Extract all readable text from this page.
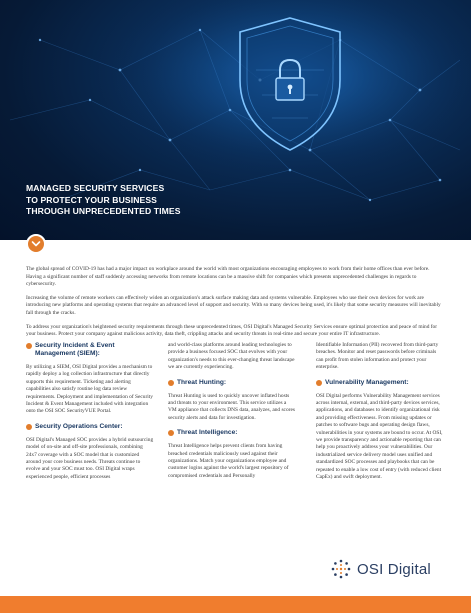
MANAGED SECURITY SERVICES
TO PROTECT YOUR BUSINESS
THROUGH UNPRECEDENTED TIMES

The global spread of COVID-19 has had a major impact on workplace around the world with most organizations encouraging employees to work from their home offices than ever before. Having a significant number of staff suddenly accessing networks from remote locations can be a massive shift for companies which presents unprecedented challenges in regards to cybersecurity.

Increasing the volume of remote workers can effectively widen an organization's attack surface making data and systems vulnerable. Employees who use their own devices for work are introducing new platforms and operating systems that require an advanced level of support and security. With so many devices being used, it's likely that some security measures will inevitably fall through the cracks.

To address your organization's heightened security requirements through these unprecedented times, OSI Digital's Managed Security Services ensure optimal protection and peace of mind for your business. Protect your company against malicious activity, data theft, crippling attacks and security threats in real-time and secure your entire IT infrastructure.

Security Incident & Event Management (SIEM):
By utilizing a SIEM, OSI Digital provides a mechanism to rapidly deploy a log collection infrastructure that directly supports this requirement. Ticketing and alerting capabilities also satisfy routine log data review requirements. Deployment and implementation of Security Incident & Event Management included with integration onto the OSI SOC SecurityVUE Portal.
Security Operations Center:
OSI Digital's Managed SOC provides a hybrid outsourcing model of on-site and off-site professionals, combining 24x7 coverage with a SOC model that is customized around your core business needs. Threats continue to evolve and your SOC must too. OSI Digital wraps experienced people, efficient processes
and world-class platforms around leading technologies to provide a business focused SOC that evolves with your organization's needs to this ever-changing threat landscape we are currently experiencing.
Threat Hunting:
Threat Hunting is used to quickly uncover inflated hosts and threats to your environment. This service utilizes a VM appliance that collects DNS data, analyzes, and scores security alerts and data for investigation.
Threat Intelligence:
Threat Intelligence helps prevent clients from having breached credentials maliciously used against their organizations. Match your organizations employee and customer logins against the world's largest repository of compromised credentials and Personally
Identifiable Information (PII) recovered from third-party breaches. Monitor and reset passwords before criminals can profit from stolen information and protect your enterprise.
Vulnerability Management:
OSI Digital performs Vulnerability Management services across internal, external, and third-party devices services, applications, and databases to identify organizational risk and providing effectiveness. From missing updates or patches to software bugs and operating design flaws, vulnerabilities in your systems are bound to occur. At OSI, we provide transparency and actionable reporting that can help you proactively address your vulnerabilities. Our industrialized service delivery model uses unified and standardized SOC processes and playbooks that can be repeated to enable a low cost of entry (with reduced client CapEx) and swift deployment.
OSI Digital
